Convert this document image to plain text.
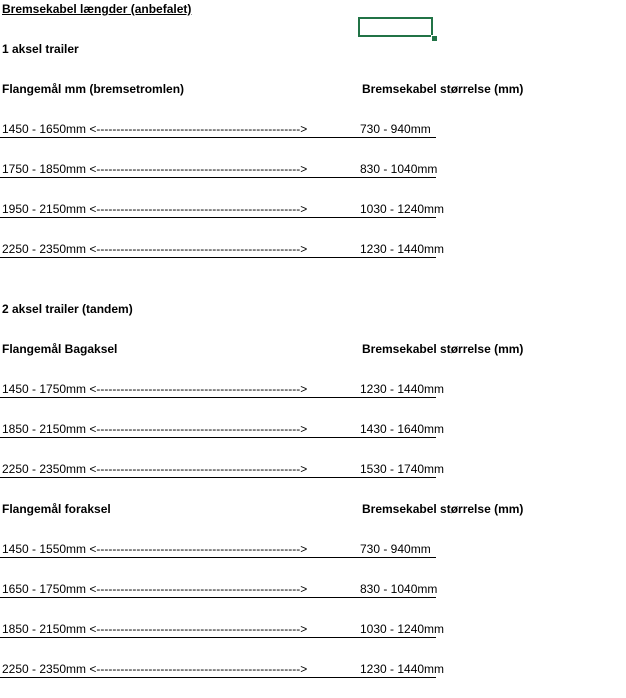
Bremsekabel længder (anbefalet)
1 aksel trailer
Flangemål mm (bremsetromlen)	Bremsekabel størrelse (mm)
1450 - 1650mm <--------------------------------------------------->	730 - 940mm
1750 - 1850mm <--------------------------------------------------->	830 - 1040mm
1950 - 2150mm <--------------------------------------------------->	1030 - 1240mm
2250 - 2350mm <--------------------------------------------------->	1230 - 1440mm
2 aksel trailer (tandem)
Flangemål Bagaksel	Bremsekabel størrelse (mm)
1450 - 1750mm <--------------------------------------------------->	1230 - 1440mm
1850 - 2150mm <--------------------------------------------------->	1430 - 1640mm
2250 - 2350mm <--------------------------------------------------->	1530 - 1740mm
Flangemål foraksel	Bremsekabel størrelse (mm)
1450 - 1550mm <--------------------------------------------------->	730 - 940mm
1650 - 1750mm <--------------------------------------------------->	830 - 1040mm
1850 - 2150mm <--------------------------------------------------->	1030 - 1240mm
2250 - 2350mm <--------------------------------------------------->	1230 - 1440mm
